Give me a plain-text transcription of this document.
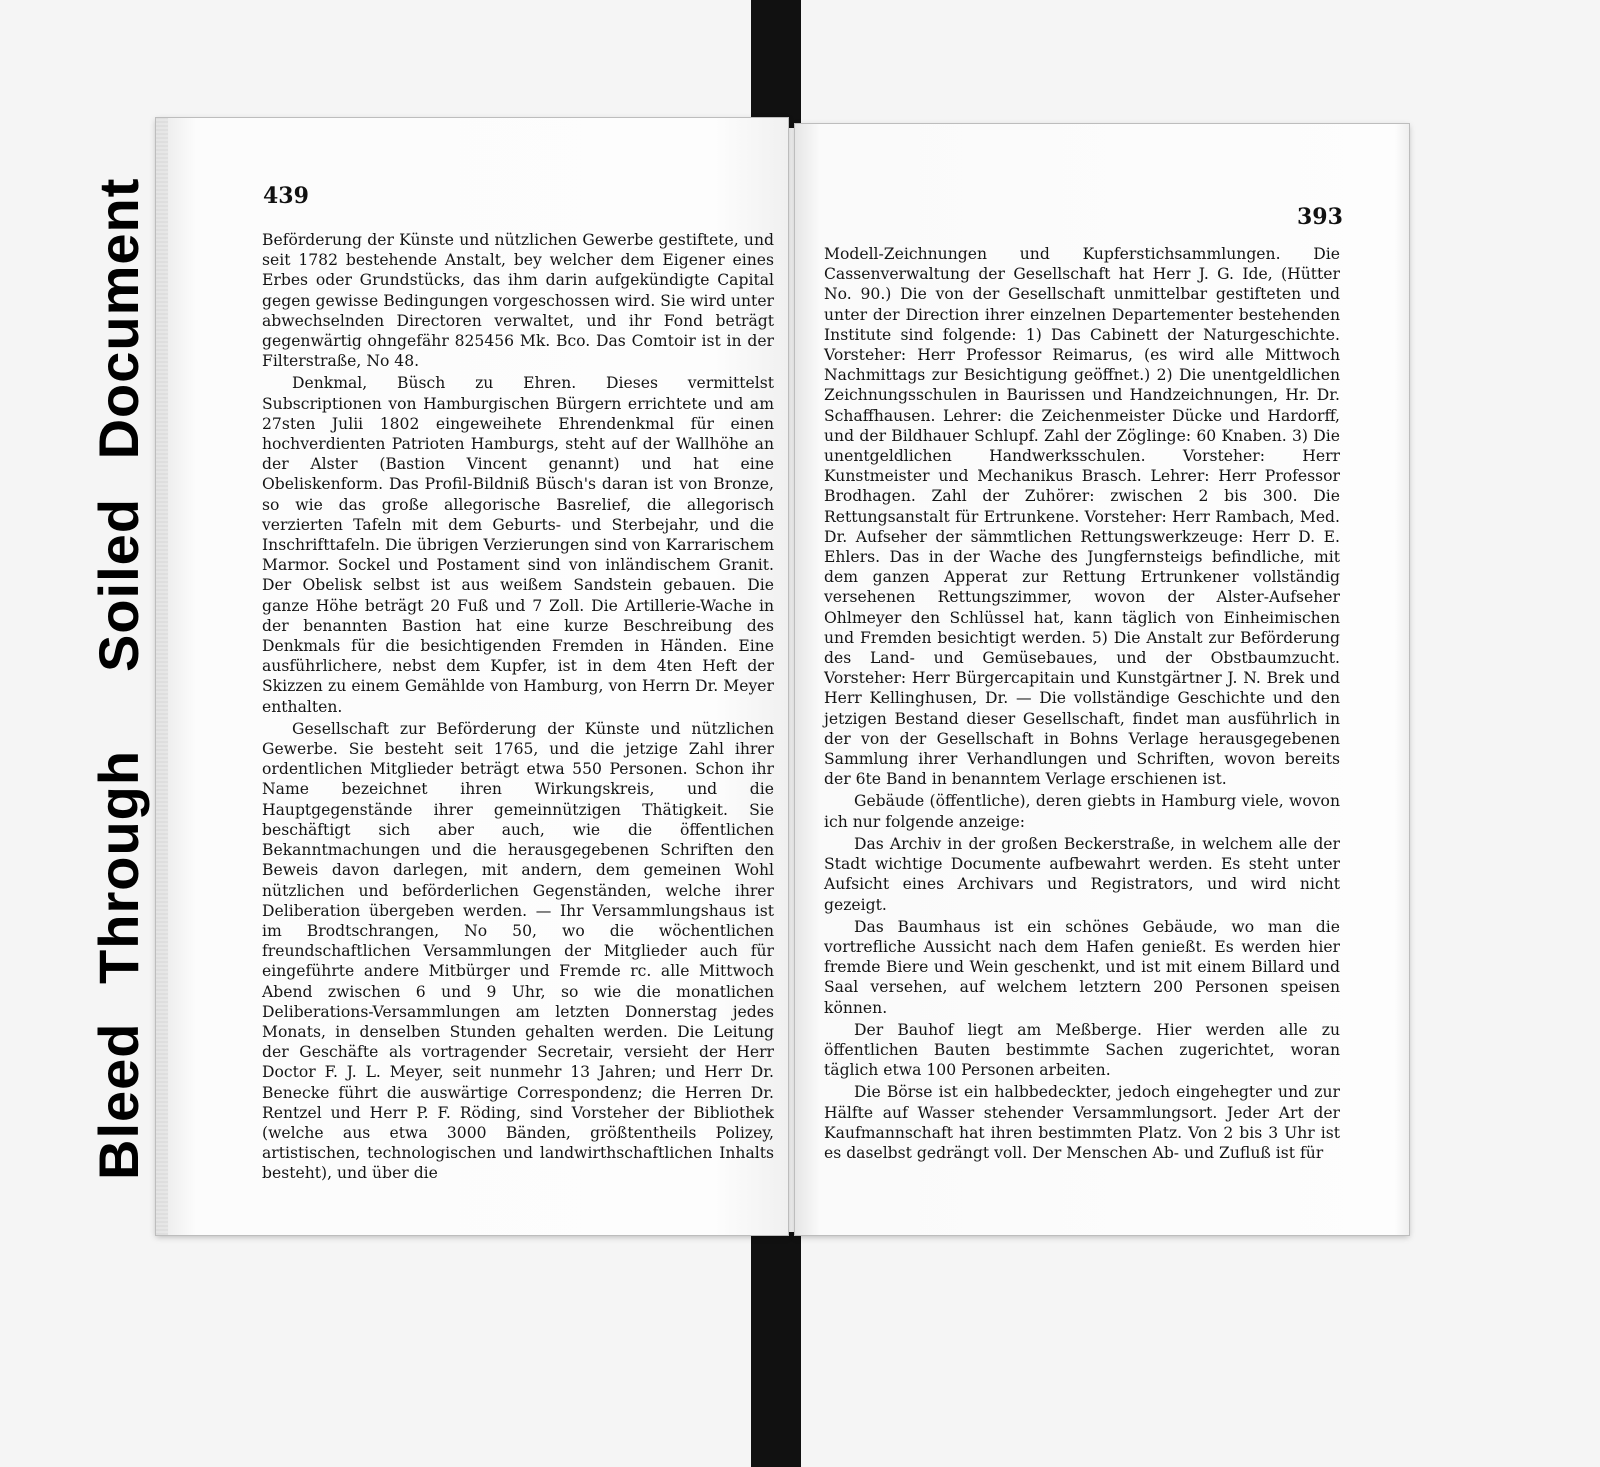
Bleed Through
Soiled Document	439
393

Beförderung der Künste und nützlichen Gewerbe gestiftete, und seit 1782 bestehende Anstalt, bey welcher dem Eigener eines Erbes oder Grundstücks, das ihm darin aufgekündigte Capital gegen gewisse Bedingungen vorgeschossen wird. Sie wird unter abwechselnden Directoren verwaltet, und ihr Fond beträgt gegenwärtig ohngefähr 825456 Mk. Bco. Das Comtoir ist in der Filterstraße, No 48.

Denkmal, Büsch zu Ehren. Dieses vermittelst Subscriptionen von Hamburgischen Bürgern errichtete und am 27sten Julii 1802 eingeweihete Ehrendenkmal für einen hochverdienten Patrioten Hamburgs, steht auf der Wallhöhe an der Alster (Bastion Vincent genannt) und hat eine Obeliskenform. Das Profil-Bildniß Büsch's daran ist von Bronze, so wie das große allegorische Basrelief, die allegorisch verzierten Tafeln mit dem Geburts- und Sterbejahr, und die Inschrifttafeln. Die übrigen Verzierungen sind von Karrarischem Marmor. Sockel und Postament sind von inländischem Granit. Der Obelisk selbst ist aus weißem Sandstein gebauen. Die ganze Höhe beträgt 20 Fuß und 7 Zoll. Die Artillerie-Wache in der benannten Bastion hat eine kurze Beschreibung des Denkmals für die besichtigenden Fremden in Händen. Eine ausführlichere, nebst dem Kupfer, ist in dem 4ten Heft der Skizzen zu einem Gemählde von Hamburg, von Herrn Dr. Meyer enthalten.

Gesellschaft zur Beförderung der Künste und nützlichen Gewerbe. Sie besteht seit 1765, und die jetzige Zahl ihrer ordentlichen Mitglieder beträgt etwa 550 Personen. Schon ihr Name bezeichnet ihren Wirkungskreis, und die Hauptgegenstände ihrer gemeinnützigen Thätigkeit. Sie beschäftigt sich aber auch, wie die öffentlichen Bekanntmachungen und die herausgegebenen Schriften den Beweis davon darlegen, mit andern, dem gemeinen Wohl nützlichen und beförderlichen Gegenständen, welche ihrer Deliberation übergeben werden. — Ihr Versammlungshaus ist im Brodtschrangen, No 50, wo die wöchentlichen freundschaftlichen Versammlungen der Mitglieder auch für eingeführte andere Mitbürger und Fremde rc. alle Mittwoch Abend zwischen 6 und 9 Uhr, so wie die monatlichen Deliberations-Versammlungen am letzten Donnerstag jedes Monats, in denselben Stunden gehalten werden. Die Leitung der Geschäfte als vortragender Secretair, versieht der Herr Doctor F. J. L. Meyer, seit nunmehr 13 Jahren; und Herr Dr. Benecke führt die auswärtige Correspondenz; die Herren Dr. Rentzel und Herr P. F. Röding, sind Vorsteher der Bibliothek (welche aus etwa 3000 Bänden, größtentheils Polizey, artistischen, technologischen und landwirthschaftlichen Inhalts besteht), und über die

Modell-Zeichnungen und Kupferstichsammlungen. Die Cassenverwaltung der Gesellschaft hat Herr J. G. Ide, (Hütter No. 90.) Die von der Gesellschaft unmittelbar gestifteten und unter der Direction ihrer einzelnen Departementer bestehenden Institute sind folgende: 1) Das Cabinett der Naturgeschichte. Vorsteher: Herr Professor Reimarus, (es wird alle Mittwoch Nachmittags zur Besichtigung geöffnet.) 2) Die unentgeldlichen Zeichnungsschulen in Baurissen und Handzeichnungen, Hr. Dr. Schaffhausen. Lehrer: die Zeichenmeister Dücke und Hardorff, und der Bildhauer Schlupf. Zahl der Zöglinge: 60 Knaben. 3) Die unentgeldlichen Handwerksschulen. Vorsteher: Herr Kunstmeister und Mechanikus Brasch. Lehrer: Herr Professor Brodhagen. Zahl der Zuhörer: zwischen 2 bis 300. Die Rettungsanstalt für Ertrunkene. Vorsteher: Herr Rambach, Med. Dr. Aufseher der sämmtlichen Rettungswerkzeuge: Herr D. E. Ehlers. Das in der Wache des Jungfernsteigs befindliche, mit dem ganzen Apperat zur Rettung Ertrunkener vollständig versehenen Rettungszimmer, wovon der Alster-Aufseher Ohlmeyer den Schlüssel hat, kann täglich von Einheimischen und Fremden besichtigt werden. 5) Die Anstalt zur Beförderung des Land- und Gemüsebaues, und der Obstbaumzucht. Vorsteher: Herr Bürgercapitain und Kunstgärtner J. N. Brek und Herr Kellinghusen, Dr. — Die vollständige Geschichte und den jetzigen Bestand dieser Gesellschaft, findet man ausführlich in der von der Gesellschaft in Bohns Verlage herausgegebenen Sammlung ihrer Verhandlungen und Schriften, wovon bereits der 6te Band in benanntem Verlage erschienen ist.

Gebäude (öffentliche), deren giebts in Hamburg viele, wovon ich nur folgende anzeige:

Das Archiv in der großen Beckerstraße, in welchem alle der Stadt wichtige Documente aufbewahrt werden. Es steht unter Aufsicht eines Archivars und Registrators, und wird nicht gezeigt.

Das Baumhaus ist ein schönes Gebäude, wo man die vortrefliche Aussicht nach dem Hafen genießt. Es werden hier fremde Biere und Wein geschenkt, und ist mit einem Billard und Saal versehen, auf welchem letztern 200 Personen speisen können.

Der Bauhof liegt am Meßberge. Hier werden alle zu öffentlichen Bauten bestimmte Sachen zugerichtet, woran täglich etwa 100 Personen arbeiten.

Die Börse ist ein halbbedeckter, jedoch eingehegter und zur Hälfte auf Wasser stehender Versammlungsort. Jeder Art der Kaufmannschaft hat ihren bestimmten Platz. Von 2 bis 3 Uhr ist es daselbst gedrängt voll. Der Menschen Ab- und Zufluß ist für
